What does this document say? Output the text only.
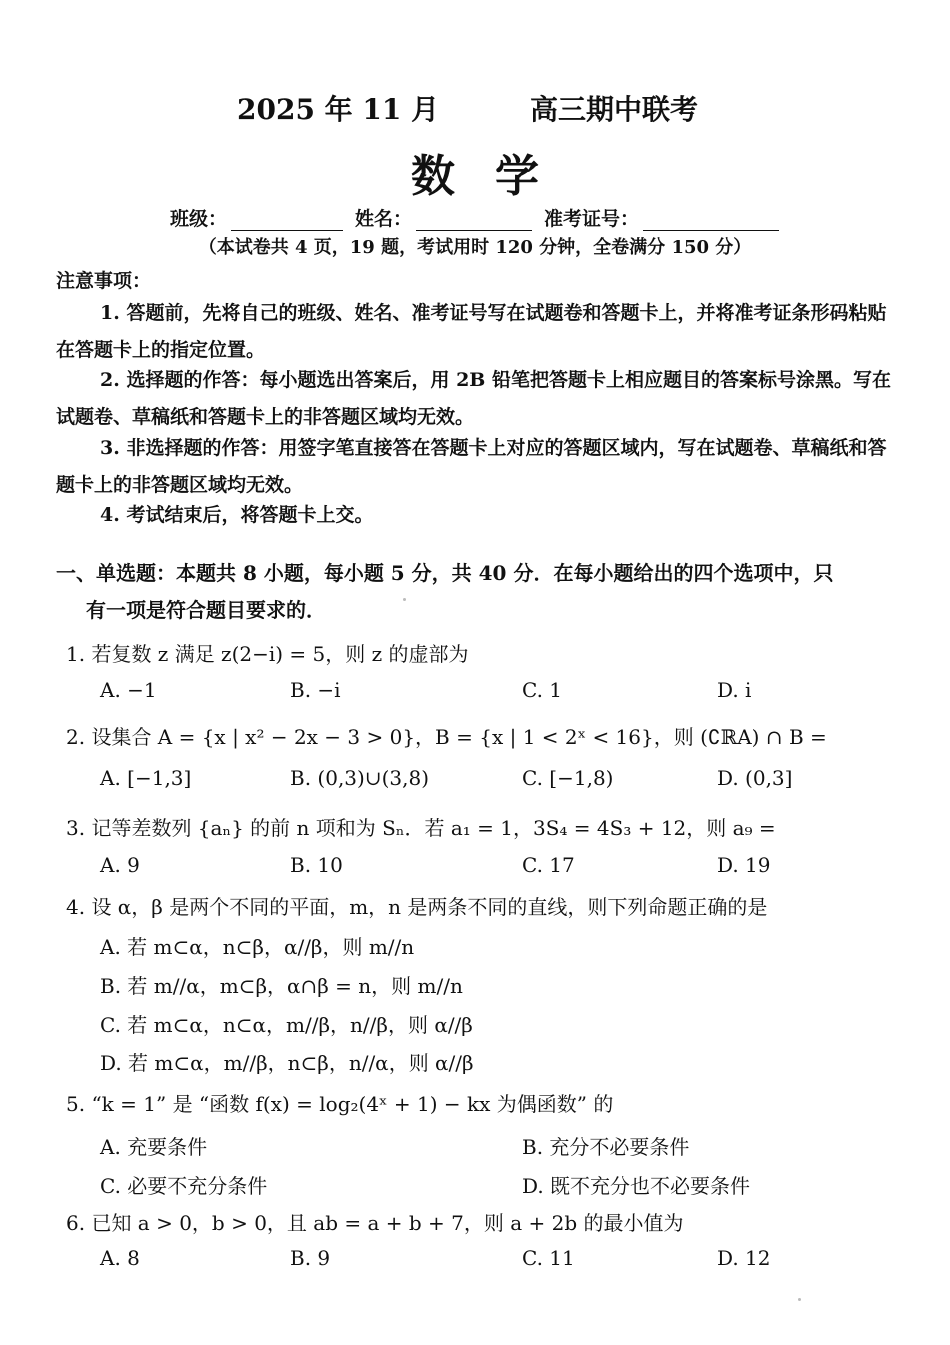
2025 年 11 月	高三期中联考
数学
班级：	姓名：	准考证号：
（本试卷共 4 页，19 题，考试用时 120 分钟，全卷满分 150 分）
注意事项：
1. 答题前，先将自己的班级、姓名、准考证号写在试题卷和答题卡上，并将准考证条形码粘贴在答题卡上的指定位置。
2. 选择题的作答：每小题选出答案后，用 2B 铅笔把答题卡上相应题目的答案标号涂黑。写在试题卷、草稿纸和答题卡上的非答题区域均无效。
3. 非选择题的作答：用签字笔直接答在答题卡上对应的答题区域内，写在试题卷、草稿纸和答题卡上的非答题区域均无效。
4. 考试结束后，将答题卡上交。
一、单选题：本题共 8 小题，每小题 5 分，共 40 分．在每小题给出的四个选项中，只
有一项是符合题目要求的．
1. 若复数 z 满足 z(2−i) = 5，则 z 的虚部为
A. −1	B. −i	C. 1	D. i
2. 设集合 A = {x | x² − 2x − 3 > 0}，B = {x | 1 < 2ˣ < 16}，则 (∁ℝA) ∩ B =
A. [−1,3]	B. (0,3)∪(3,8)	C. [−1,8)	D. (0,3]
3. 记等差数列 {aₙ} 的前 n 项和为 Sₙ．若 a₁ = 1，3S₄ = 4S₃ + 12，则 a₉ =
A. 9	B. 10	C. 17	D. 19
4. 设 α，β 是两个不同的平面，m，n 是两条不同的直线，则下列命题正确的是
A. 若 m⊂α，n⊂β，α//β，则 m//n
B. 若 m//α，m⊂β，α∩β = n，则 m//n
C. 若 m⊂α，n⊂α，m//β，n//β，则 α//β
D. 若 m⊂α，m//β，n⊂β，n//α，则 α//β
5. “k = 1” 是 “函数 f(x) = log₂(4ˣ + 1) − kx 为偶函数” 的
A. 充要条件	B. 充分不必要条件
C. 必要不充分条件	D. 既不充分也不必要条件
6. 已知 a > 0，b > 0，且 ab = a + b + 7，则 a + 2b 的最小值为
A. 8	B. 9	C. 11	D. 12
